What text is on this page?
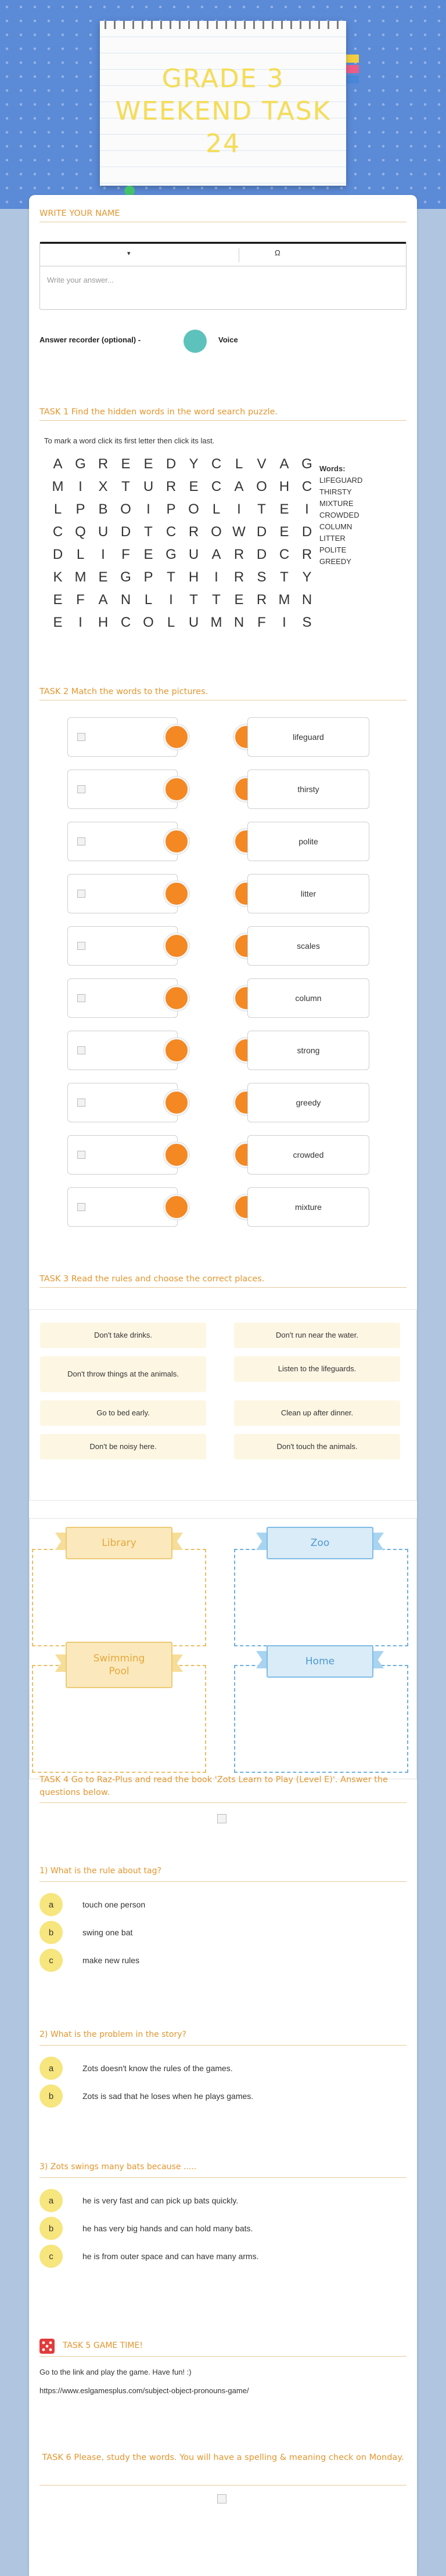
GRADE 3 WEEKEND TASK 24
WRITE YOUR NAME
▾	Ω
Write your answer...
Answer recorder (optional) -	Voice
TASK 1 Find the hidden words in the word search puzzle.
To mark a word click its first letter then click its last.
A G R E E D Y C L	V A G
M	I	X T U R E C A O H C
L	P B O	I	P O L	I	T E	I
C Q U D T C R O W D E D
D L	I	F E G U A R D C R
K M E G P T H	I	R S T Y
E F A N L	I	T	T E R M N
E	I	H C O L U M N F	I	S
Words:
LIFEGUARD
THIRSTY
MIXTURE
CROWDED
COLUMN
LITTER
POLITE
GREEDY
TASK 2 Match the words to the pictures.
lifeguard
thirsty
polite
litter
scales
column
strong
greedy
crowded
mixture
TASK 3 Read the rules and choose the correct places.
Don't take drinks.	Don't run near the water.
Don't throw things at the animals.
Listen to the lifeguards.
Go to bed early.	Clean up after dinner.
Don't be noisy here.	Don't touch the animals.
Library	Zoo
Swimming Pool
Home
TASK 4 Go to Raz-Plus and read the book 'Zots Learn to Play (Level E)'. Answer the questions below.
1) What is the rule about tag?
a	touch one person
b	swing one bat
c	make new rules
2) What is the problem in the story?
a	Zots doesn't know the rules of the games.
b	Zots is sad that he loses when he plays games.
3) Zots swings many bats because .....
a	he is very fast and can pick up bats quickly.
b	he has very big hands and can hold many bats.
c	he is from outer space and can have many arms.
TASK 5 GAME TIME!
Go to the link and play the game. Have fun! :)
https://www.eslgamesplus.com/subject-object-pronouns-game/
TASK 6 Please, study the words. You will have a spelling & meaning check on Monday.
